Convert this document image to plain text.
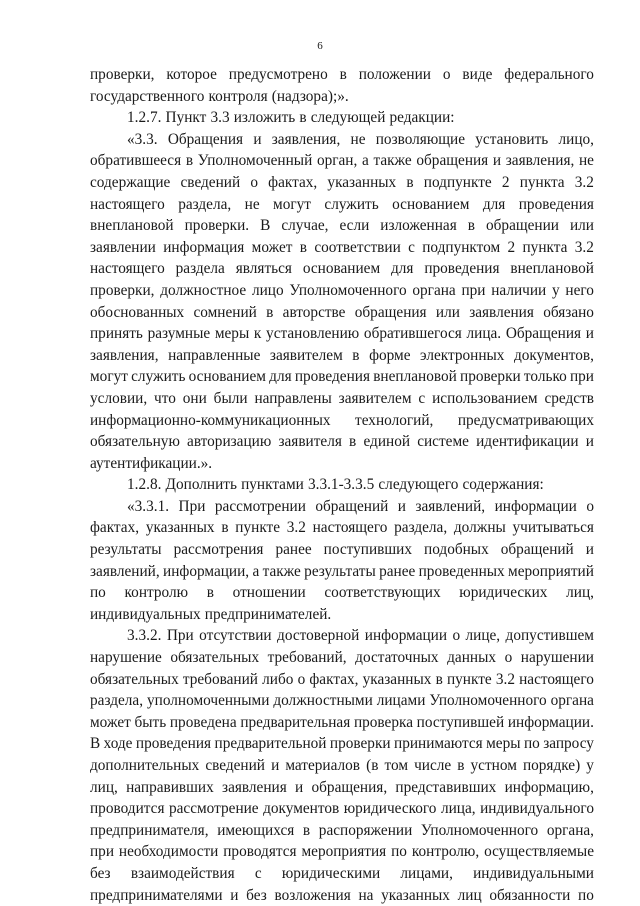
6
проверки, которое предусмотрено в положении о виде федерального
государственного контроля (надзора);».
1.2.7. Пункт 3.3 изложить в следующей редакции:
«3.3. Обращения и заявления, не позволяющие установить лицо,
обратившееся в Уполномоченный орган, а также обращения и заявления, не
содержащие сведений о фактах, указанных в подпункте 2 пункта 3.2
настоящего раздела, не могут служить основанием для проведения
внеплановой проверки. В случае, если изложенная в обращении или
заявлении информация может в соответствии с подпунктом 2 пункта 3.2
настоящего раздела являться основанием для проведения внеплановой
проверки, должностное лицо Уполномоченного органа при наличии у него
обоснованных сомнений в авторстве обращения или заявления обязано
принять разумные меры к установлению обратившегося лица. Обращения и
заявления, направленные заявителем в форме электронных документов,
могут служить основанием для проведения внеплановой проверки только при
условии, что они были направлены заявителем с использованием средств
информационно-коммуникационных технологий, предусматривающих
обязательную авторизацию заявителя в единой системе идентификации и
аутентификации.».
1.2.8. Дополнить пунктами 3.3.1-3.3.5 следующего содержания:
«3.3.1. При рассмотрении обращений и заявлений, информации о
фактах, указанных в пункте 3.2 настоящего раздела, должны учитываться
результаты рассмотрения ранее поступивших подобных обращений и
заявлений, информации, а также результаты ранее проведенных мероприятий
по контролю в отношении соответствующих юридических лиц,
индивидуальных предпринимателей.
3.3.2. При отсутствии достоверной информации о лице, допустившем
нарушение обязательных требований, достаточных данных о нарушении
обязательных требований либо о фактах, указанных в пункте 3.2 настоящего
раздела, уполномоченными должностными лицами Уполномоченного органа
может быть проведена предварительная проверка поступившей информации.
В ходе проведения предварительной проверки принимаются меры по запросу
дополнительных сведений и материалов (в том числе в устном порядке) у
лиц, направивших заявления и обращения, представивших информацию,
проводится рассмотрение документов юридического лица, индивидуального
предпринимателя, имеющихся в распоряжении Уполномоченного органа,
при необходимости проводятся мероприятия по контролю, осуществляемые
без взаимодействия с юридическими лицами, индивидуальными
предпринимателями и без возложения на указанных лиц обязанности по
